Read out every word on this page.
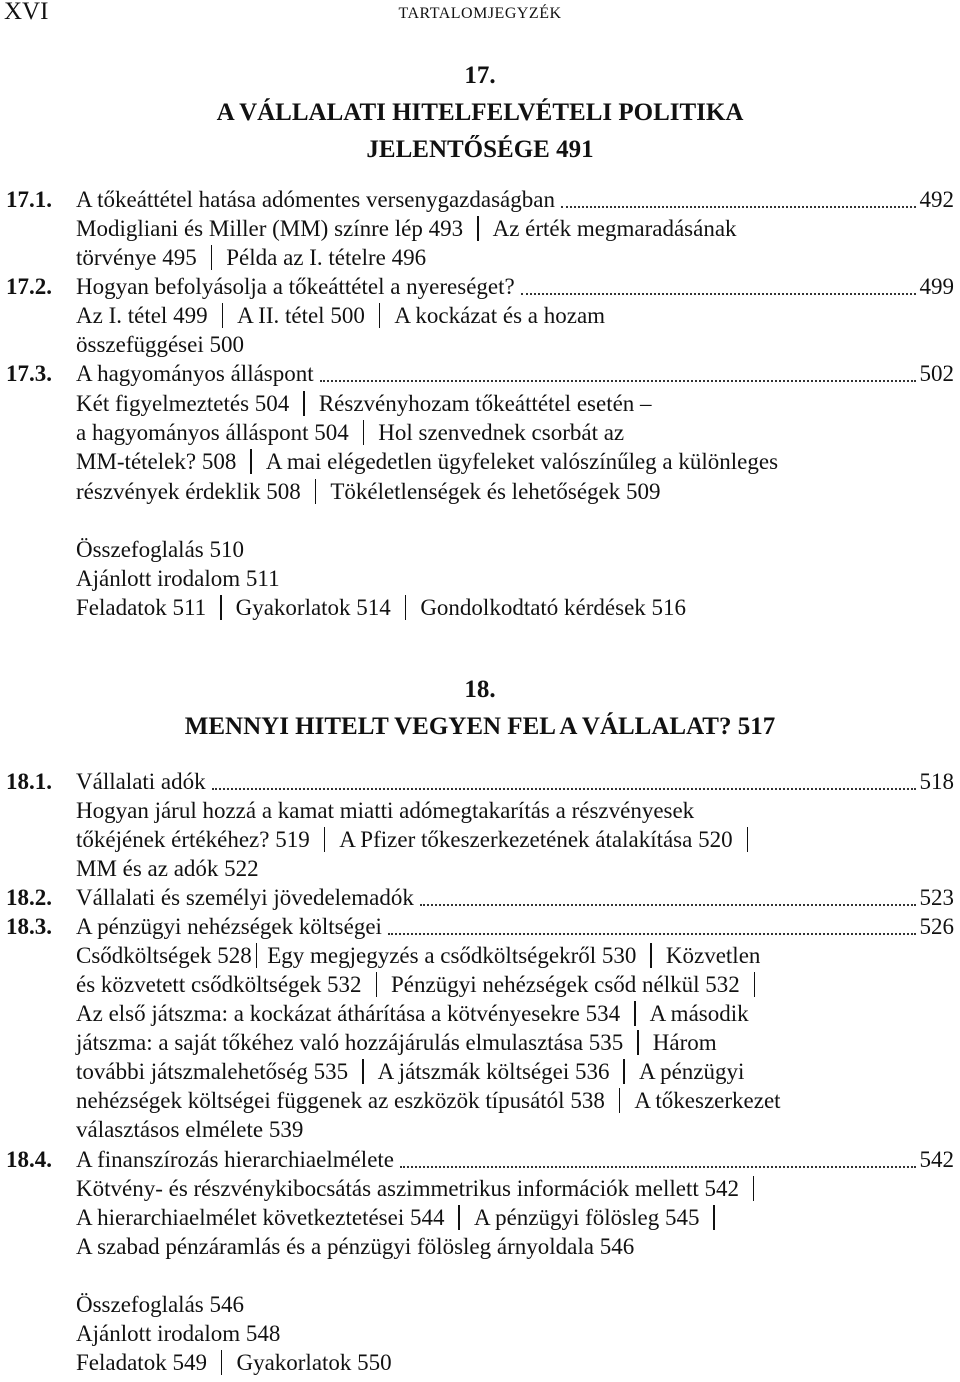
XVI	TARTALOMJEGYZÉK
17.
A VÁLLALATI HITELFELVÉTELI POLITIKA
JELENTŐSÉGE 491
17.1. A tőkeáttétel hatása adómentes versenygazdaságban	492
Modigliani és Miller (MM) színre lép 493 Az érték megmaradásának
törvénye 495 Példa az I. tételre 496
17.2. Hogyan befolyásolja a tőkeáttétel a nyereséget?	499
Az I. tétel 499 A II. tétel 500 A kockázat és a hozam
összefüggései 500
17.3. A hagyományos álláspont	502
Két figyelmeztetés 504 Részvényhozam tőkeáttétel esetén –
a hagyományos álláspont 504 Hol szenvednek csorbát az
MM-tételek? 508 A mai elégedetlen ügyfeleket valószínűleg a különleges
részvények érdeklik 508 Tökéletlenségek és lehetőségek 509
Összefoglalás 510
Ajánlott irodalom 511
Feladatok 511 Gyakorlatok 514 Gondolkodtató kérdések 516
18.
MENNYI HITELT VEGYEN FEL A VÁLLALAT? 517
18.1. Vállalati adók	518
Hogyan járul hozzá a kamat miatti adómegtakarítás a részvényesek
tőkéjének értékéhez? 519 A Pfizer tőkeszerkezetének átalakítása 520
MM és az adók 522
18.2. Vállalati és személyi jövedelemadók	523
18.3. A pénzügyi nehézségek költségei	526
Csődköltségek 528 Egy megjegyzés a csődköltségekről 530 Közvetlen
és közvetett csődköltségek 532 Pénzügyi nehézségek csőd nélkül 532
Az első játszma: a kockázat áthárítása a kötvényesekre 534 A második
játszma: a saját tőkéhez való hozzájárulás elmulasztása 535 Három
további játszmalehetőség 535 A játszmák költségei 536 A pénzügyi
nehézségek költségei függenek az eszközök típusától 538 A tőkeszerkezet
választásos elmélete 539
18.4. A finanszírozás hierarchiaelmélete	542
Kötvény- és részvénykibocsátás aszimmetrikus információk mellett 542
A hierarchiaelmélet következtetései 544 A pénzügyi fölösleg 545
A szabad pénzáramlás és a pénzügyi fölösleg árnyoldala 546
Összefoglalás 546
Ajánlott irodalom 548
Feladatok 549 Gyakorlatok 550
